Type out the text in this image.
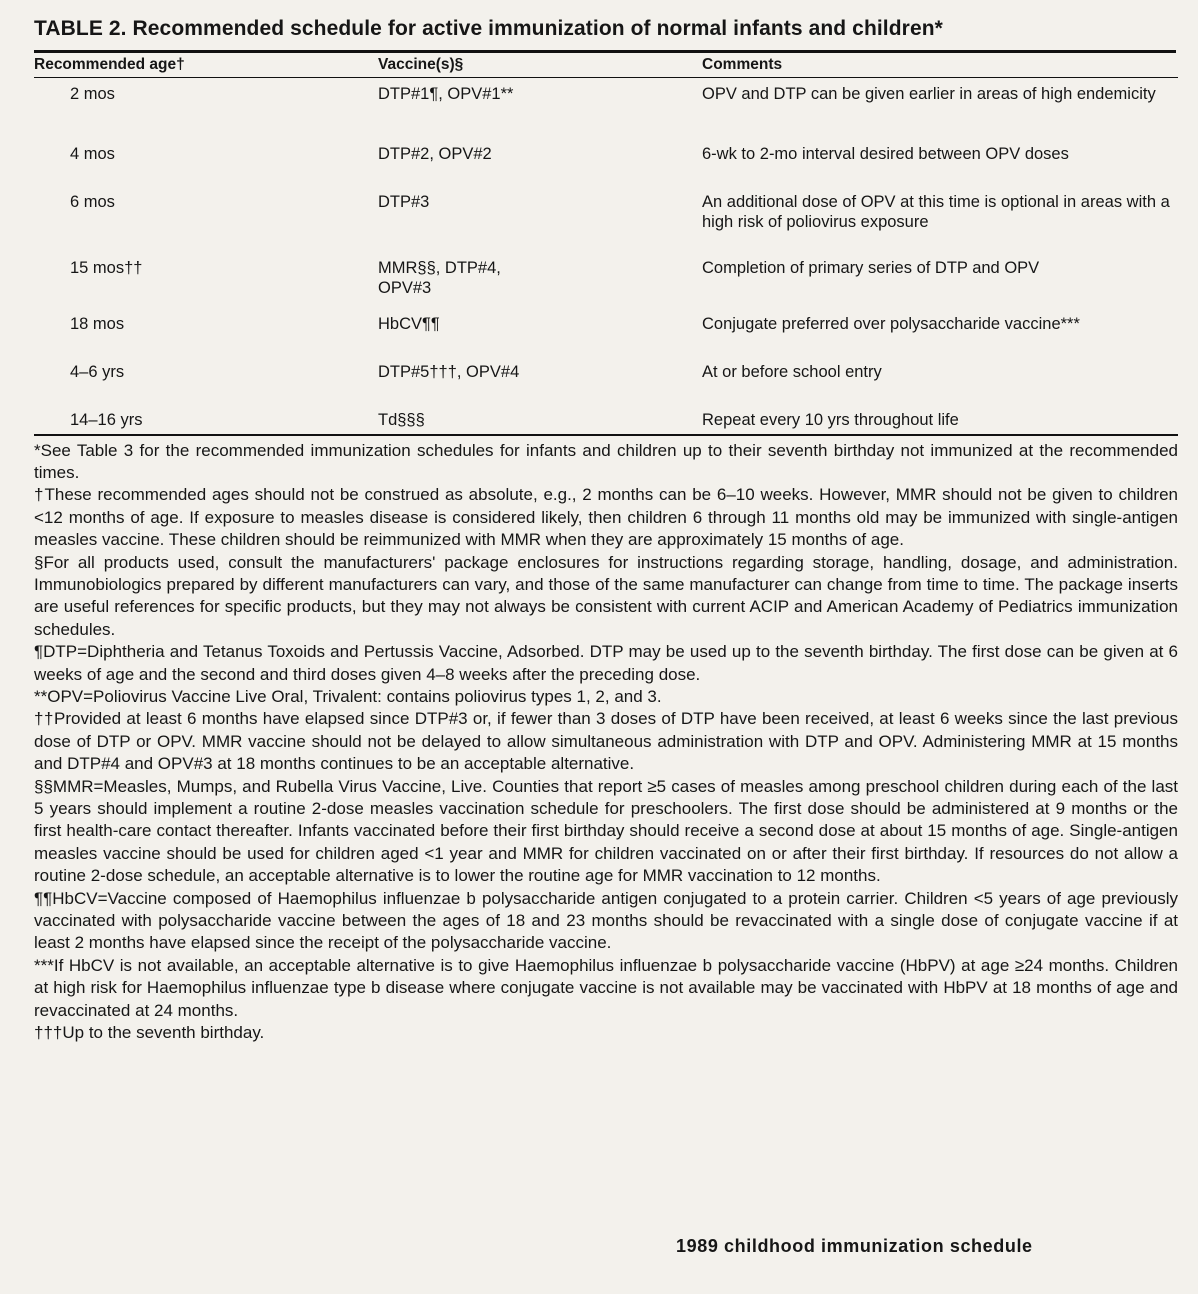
TABLE 2. Recommended schedule for active immunization of normal infants and children*
Recommended age†	Vaccine(s)§	Comments
2 mos	DTP#1¶, OPV#1**	OPV and DTP can be given earlier in areas of high endemicity
4 mos	DTP#2, OPV#2	6-wk to 2-mo interval desired between OPV doses
6 mos	DTP#3	An additional dose of OPV at this time is optional in areas with a high risk of poliovirus exposure
15 mos††	MMR§§, DTP#4, OPV#3	Completion of primary series of DTP and OPV
18 mos	HbCV¶¶	Conjugate preferred over polysaccharide vaccine***
4–6 yrs	DTP#5†††, OPV#4	At or before school entry
14–16 yrs	Td§§§	Repeat every 10 yrs throughout life

*See Table 3 for the recommended immunization schedules for infants and children up to their seventh birthday not immunized at the recommended times.

†These recommended ages should not be construed as absolute, e.g., 2 months can be 6–10 weeks. However, MMR should not be given to children <12 months of age. If exposure to measles disease is considered likely, then children 6 through 11 months old may be immunized with single-antigen measles vaccine. These children should be reimmunized with MMR when they are approximately 15 months of age.

§For all products used, consult the manufacturers' package enclosures for instructions regarding storage, handling, dosage, and administration. Immunobiologics prepared by different manufacturers can vary, and those of the same manufacturer can change from time to time. The package inserts are useful references for specific products, but they may not always be consistent with current ACIP and American Academy of Pediatrics immunization schedules.

¶DTP=Diphtheria and Tetanus Toxoids and Pertussis Vaccine, Adsorbed. DTP may be used up to the seventh birthday. The first dose can be given at 6 weeks of age and the second and third doses given 4–8 weeks after the preceding dose.

**OPV=Poliovirus Vaccine Live Oral, Trivalent: contains poliovirus types 1, 2, and 3.

††Provided at least 6 months have elapsed since DTP#3 or, if fewer than 3 doses of DTP have been received, at least 6 weeks since the last previous dose of DTP or OPV. MMR vaccine should not be delayed to allow simultaneous administration with DTP and OPV. Administering MMR at 15 months and DTP#4 and OPV#3 at 18 months continues to be an acceptable alternative.

§§MMR=Measles, Mumps, and Rubella Virus Vaccine, Live. Counties that report ≥5 cases of measles among preschool children during each of the last 5 years should implement a routine 2-dose measles vaccination schedule for preschoolers. The first dose should be administered at 9 months or the first health-care contact thereafter. Infants vaccinated before their first birthday should receive a second dose at about 15 months of age. Single-antigen measles vaccine should be used for children aged <1 year and MMR for children vaccinated on or after their first birthday. If resources do not allow a routine 2-dose schedule, an acceptable alternative is to lower the routine age for MMR vaccination to 12 months.

¶¶HbCV=Vaccine composed of Haemophilus influenzae b polysaccharide antigen conjugated to a protein carrier. Children <5 years of age previously vaccinated with polysaccharide vaccine between the ages of 18 and 23 months should be revaccinated with a single dose of conjugate vaccine if at least 2 months have elapsed since the receipt of the polysaccharide vaccine.

***If HbCV is not available, an acceptable alternative is to give Haemophilus influenzae b polysaccharide vaccine (HbPV) at age ≥24 months. Children at high risk for Haemophilus influenzae type b disease where conjugate vaccine is not available may be vaccinated with HbPV at 18 months of age and revaccinated at 24 months.

†††Up to the seventh birthday.

1989 childhood immunization schedule
